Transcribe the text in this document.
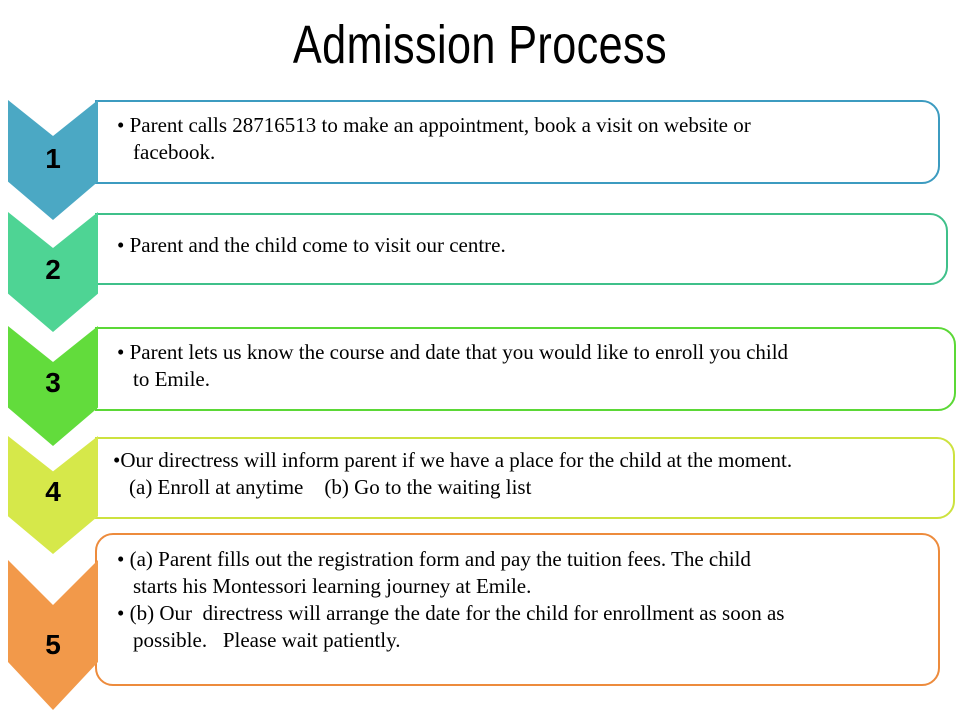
Admission Process
• Parent calls 28716513 to make an appointment, book a visit on website or
facebook.
1
• Parent and the child come to visit our centre.
2
• Parent lets us know the course and date that you would like to enroll you child
to Emile.
3
•Our directress will inform parent if we have a place for the child at the moment.
(a) Enroll at anytime    (b) Go to the waiting list
4
• (a) Parent fills out the registration form and pay the tuition fees. The child
starts his Montessori learning journey at Emile.
• (b) Our  directress will arrange the date for the child for enrollment as soon as
possible.   Please wait patiently.
5
